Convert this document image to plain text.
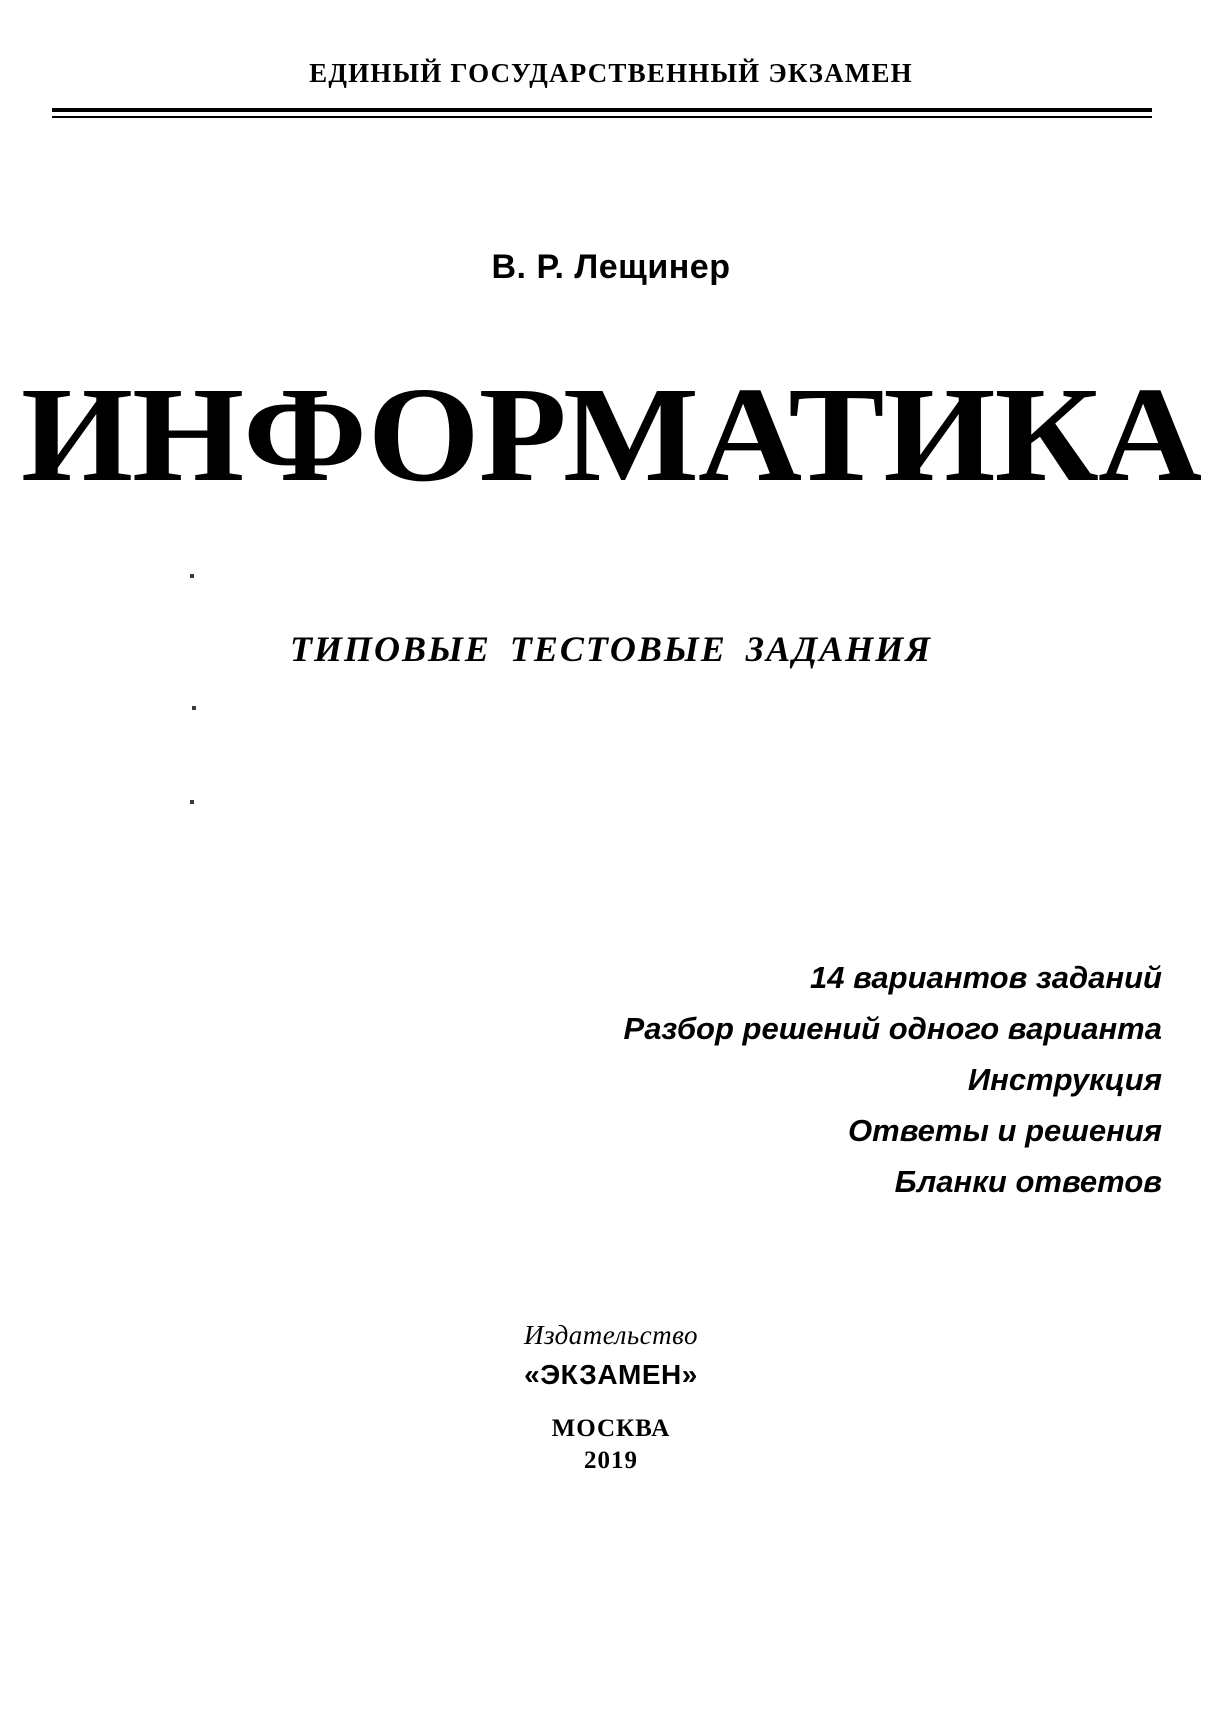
ЕДИНЫЙ ГОСУДАРСТВЕННЫЙ ЭКЗАМЕН
В. Р. Лещинер
ИНФОРМАТИКА
ТИПОВЫЕ ТЕСТОВЫЕ ЗАДАНИЯ
14 вариантов заданий
Разбор решений одного варианта
Инструкция
Ответы и решения
Бланки ответов
Издательство
«ЭКЗАМЕН»
МОСКВА
2019
